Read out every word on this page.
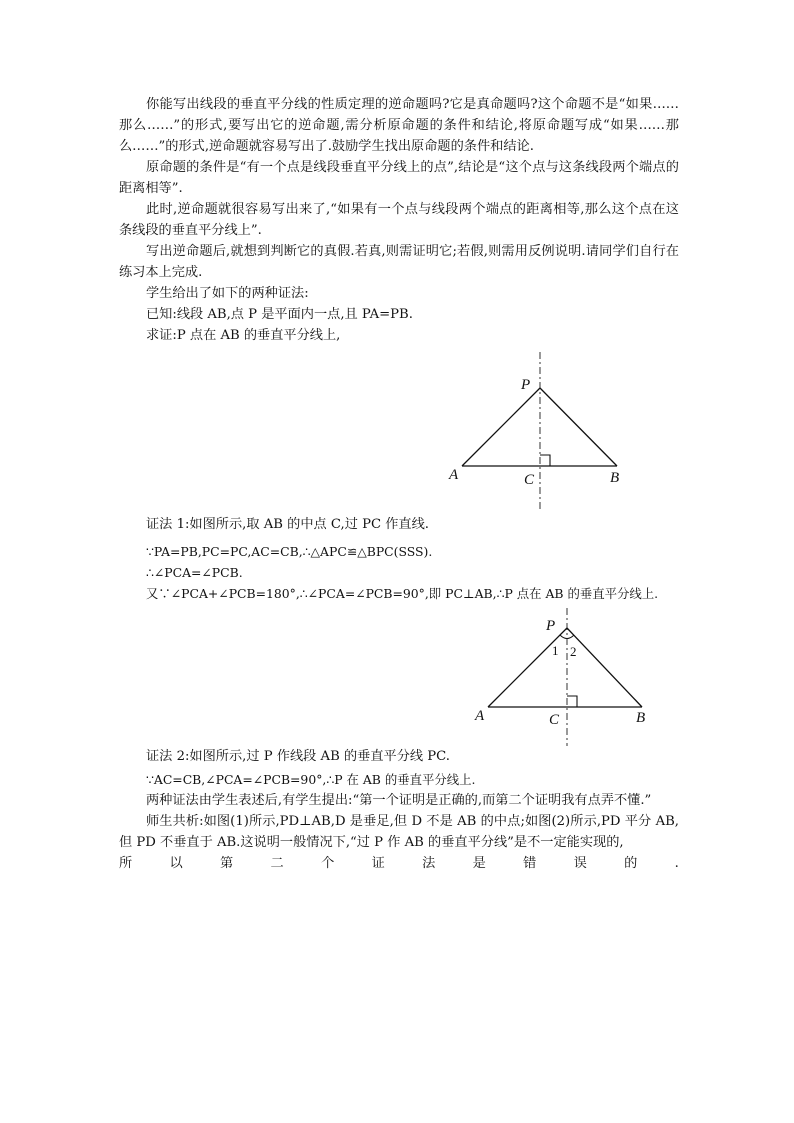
你能写出线段的垂直平分线的性质定理的逆命题吗?它是真命题吗?这个命题不是“如果……那么……”的形式,要写出它的逆命题,需分析原命题的条件和结论,将原命题写成“如果……那么……”的形式,逆命题就容易写出了.鼓励学生找出原命题的条件和结论.

原命题的条件是“有一个点是线段垂直平分线上的点”,结论是“这个点与这条线段两个端点的距离相等”.

此时,逆命题就很容易写出来了,“如果有一个点与线段两个端点的距离相等,那么这个点在这条线段的垂直平分线上”.

写出逆命题后,就想到判断它的真假.若真,则需证明它;若假,则需用反例说明.请同学们自行在练习本上完成.

学生给出了如下的两种证法:

已知:线段 AB,点 P 是平面内一点,且 PA=PB.

求证:P 点在 AB 的垂直平分线上,

P
A	C	B

证法 1:如图所示,取 AB 的中点 C,过 PC 作直线.

∵PA=PB,PC=PC,AC=CB,∴△APC≌△BPC(SSS).

∴∠PCA=∠PCB.

又∵∠PCA+∠PCB=180°,∴∠PCA=∠PCB=90°,即 PC⊥AB,∴P 点在 AB 的垂直平分线上.

P
1 2
A	C	B

证法 2:如图所示,过 P 作线段 AB 的垂直平分线 PC.

∵AC=CB,∠PCA=∠PCB=90°,∴P 在 AB 的垂直平分线上.

两种证法由学生表述后,有学生提出:“第一个证明是正确的,而第二个证明我有点弄不懂.”

师生共析:如图(1)所示,PD⊥AB,D 是垂足,但 D 不是 AB 的中点;如图(2)所示,PD 平分 AB,但 PD 不垂直于 AB.这说明一般情况下,“过 P 作 AB 的垂直平分线”是不一定能实现的,

所	以	第	二	个	证	法	是	错	误	的	.
